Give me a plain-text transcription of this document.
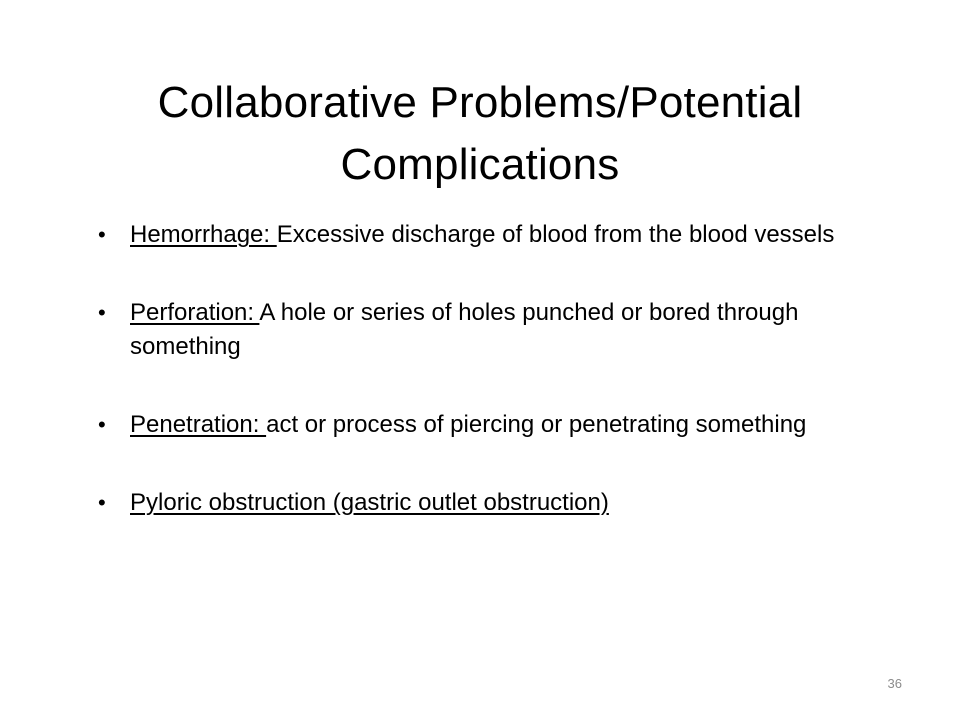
Collaborative Problems/Potential Complications
• Hemorrhage: Excessive discharge of blood from the blood vessels
• Perforation: A hole or series of holes punched or bored through something
• Penetration: act or process of piercing or penetrating something
• Pyloric obstruction (gastric outlet obstruction)
36
